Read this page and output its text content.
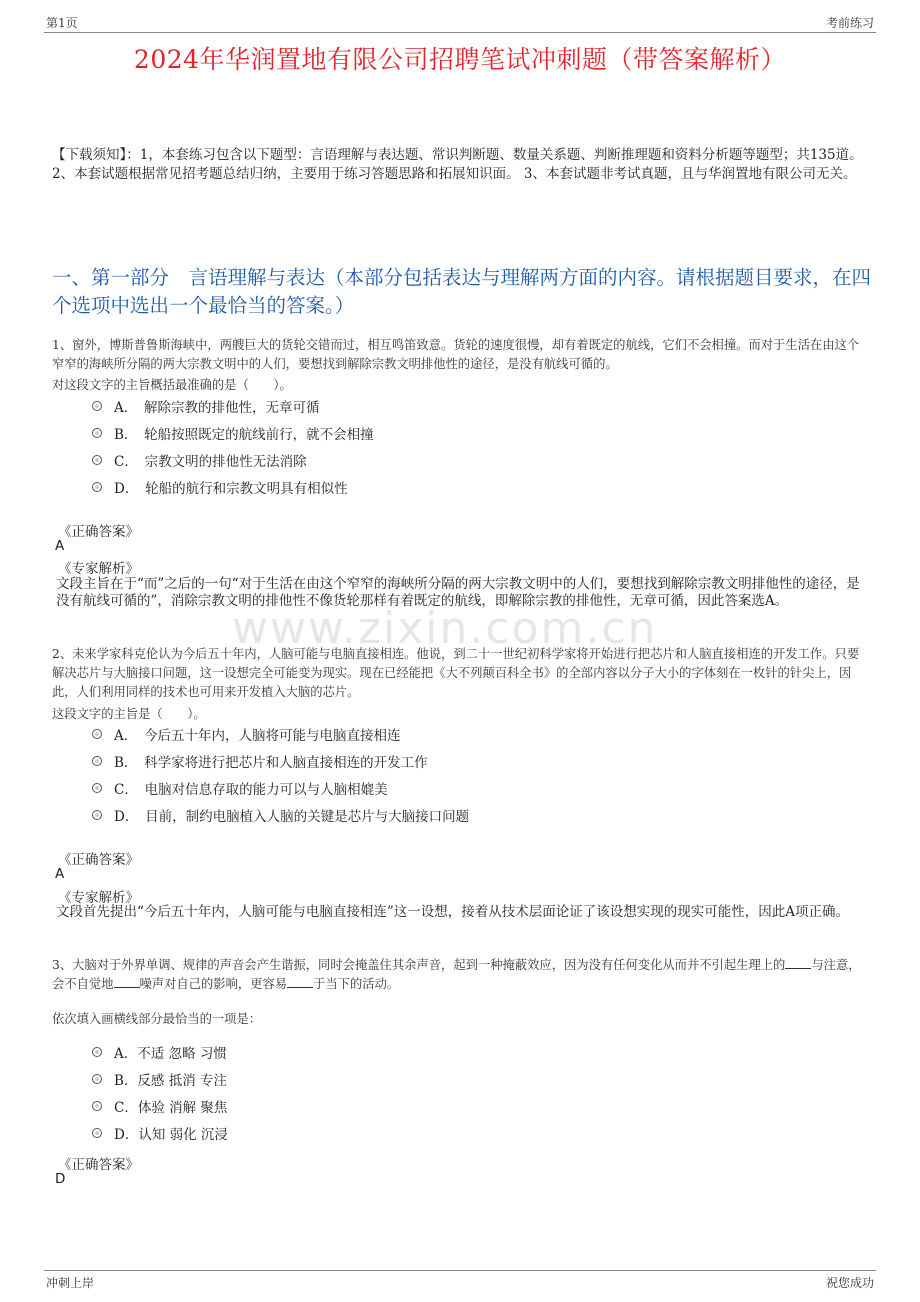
第1页	考前练习
2024年华润置地有限公司招聘笔试冲刺题（带答案解析）
【下载须知】：1，本套练习包含以下题型：言语理解与表达题、常识判断题、数量关系题、判断推理题和资料分析题等题型；共135道。 2、本套试题根据常见招考题总结归纳，主要用于练习答题思路和拓展知识面。 3、本套试题非考试真题，且与华润置地有限公司无关。
一、第一部分　言语理解与表达（本部分包括表达与理解两方面的内容。请根据题目要求，在四个选项中选出一个最恰当的答案。）
1、窗外，博斯普鲁斯海峡中，两艘巨大的货轮交错而过，相互鸣笛致意。货轮的速度很慢，却有着既定的航线，它们不会相撞。而对于生活在由这个窄窄的海峡所分隔的两大宗教文明中的人们，要想找到解除宗教文明排他性的途径，是没有航线可循的。
对这段文字的主旨概括最准确的是（　　）。
A．　解除宗教的排他性，无章可循
B．　轮船按照既定的航线前行，就不会相撞
C．　宗教文明的排他性无法消除
D．　轮船的航行和宗教文明具有相似性
《正确答案》
A
《专家解析》
文段主旨在于“而”之后的一句“对于生活在由这个窄窄的海峡所分隔的两大宗教文明中的人们，要想找到解除宗教文明排他性的途径，是没有航线可循的”，消除宗教文明的排他性不像货轮那样有着既定的航线，即解除宗教的排他性，无章可循，因此答案选A。
www.zixin.com.cn
2、未来学家科克伦认为今后五十年内，人脑可能与电脑直接相连。他说，到二十一世纪初科学家将开始进行把芯片和人脑直接相连的开发工作。只要解决芯片与大脑接口问题，这一设想完全可能变为现实。现在已经能把《大不列颠百科全书》的全部内容以分子大小的字体刻在一枚针的针尖上，因此，人们利用同样的技术也可用来开发植入大脑的芯片。
这段文字的主旨是（　　）。
A．　今后五十年内，人脑将可能与电脑直接相连
B．　科学家将进行把芯片和人脑直接相连的开发工作
C．　电脑对信息存取的能力可以与人脑相媲美
D．　目前，制约电脑植入人脑的关键是芯片与大脑接口问题
《正确答案》
A
《专家解析》
文段首先提出“今后五十年内，人脑可能与电脑直接相连”这一设想，接着从技术层面论证了该设想实现的现实可能性，因此A项正确。
3、大脑对于外界单调、规律的声音会产生谐振，同时会掩盖住其余声音，起到一种掩蔽效应，因为没有任何变化从而并不引起生理上的 与注意，会不自觉地 噪声对自己的影响，更容易 于当下的活动。
依次填入画横线部分最恰当的一项是：
A．不适 忽略 习惯
B．反感 抵消 专注
C．体验 消解 聚焦
D．认知 弱化 沉浸
《正确答案》
D
冲刺上岸	祝您成功
